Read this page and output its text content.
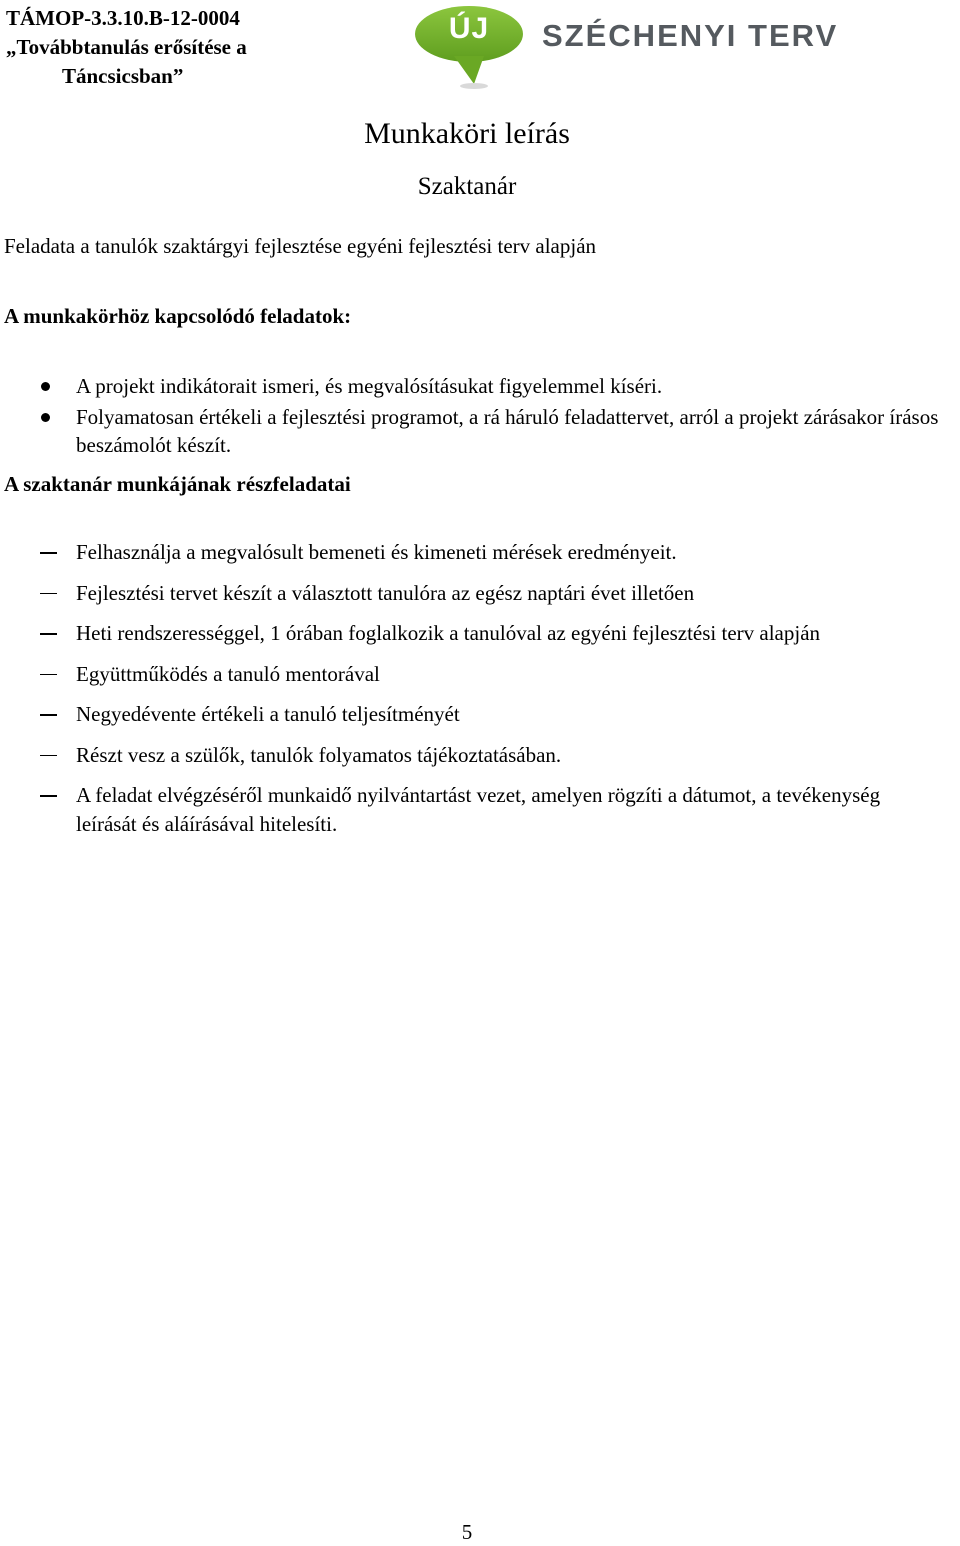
TÁMOP-3.3.10.B-12-0004
„Továbbtanulás erősítése a
Táncsicsban”
ÚJ	SZÉCHENYI TERV
Munkaköri leírás
Szaktanár
Feladata a tanulók szaktárgyi fejlesztése egyéni fejlesztési terv alapján
A munkakörhöz kapcsolódó feladatok:
A projekt indikátorait ismeri, és megvalósításukat figyelemmel kíséri.
Folyamatosan értékeli a fejlesztési programot, a rá háruló feladattervet, arról a projekt zárásakor írásos beszámolót készít.
A szaktanár munkájának részfeladatai
Felhasználja a megvalósult bemeneti és kimeneti mérések eredményeit.
Fejlesztési tervet készít a választott tanulóra az egész naptári évet illetően
Heti rendszerességgel, 1 órában foglalkozik a tanulóval az egyéni fejlesztési terv alapján
Együttműködés a tanuló mentorával
Negyedévente értékeli a tanuló teljesítményét
Részt vesz a szülők, tanulók folyamatos tájékoztatásában.
A feladat elvégzéséről munkaidő nyilvántartást vezet, amelyen rögzíti a dátumot, a tevékenység leírását és aláírásával hitelesíti.
5
